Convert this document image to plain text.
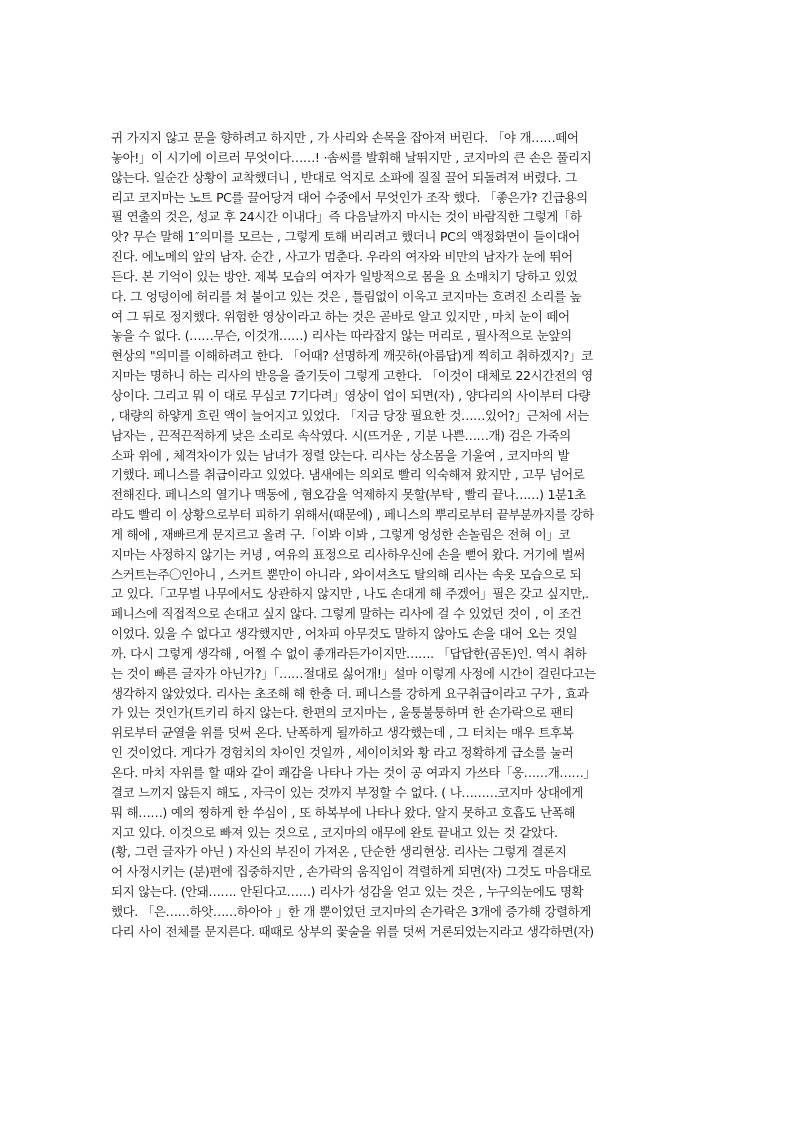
귀 가지지 않고 문을 향하려고 하지만 , 가 사리와 손목을 잡아져 버린다. 「야 개……떼어
놓아!」이 시기에 이르러 무엇이다……! ·솜씨를 발휘해 날뛰지만 , 코지마의 큰 손은 풀리지
않는다. 일순간 상황이 교착했더니 , 반대로 억지로 소파에 질질 끌어 되돌려져 버렸다. 그
리고 코지마는 노트 PC를 끌어당겨 대어 수중에서 무엇인가 조작 했다. 「좋은가? 긴급용의
필 연출의 것은, 성교 후 24시간 이내다」즉 다음날까지 마시는 것이 바람직한 그렇게「하
앗? 무슨 말해 1″의미를 모르는 , 그렇게 토해 버리려고 했더니 PC의 액정화면이 들이대어
진다. 에노메의 앞의 남자. 순간 , 사고가 멈춘다. 우라의 여자와 비만의 남자가 눈에 뛰어
든다. 본 기억이 있는 방안. 제복 모습의 여자가 일방적으로 몸을 요 소매치기 당하고 있었
다. 그 엉덩이에 허리를 쳐 붙이고 있는 것은 , 틀림없이 이욱고 코지마는 흐려진 소리를 높
여 그 뒤로 정지했다. 위험한 영상이라고 하는 것은 곧바로 알고 있지만 , 마치 눈이 떼어
놓을 수 없다. (……무슨, 이것개……) 리사는 따라잡지 않는 머리로 , 필사적으로 눈앞의
현상의 "의미를 이해하려고 한다. 「어때? 선명하게 깨끗하(아름답)게 찍히고 취하겠지?」코
지마는 명하니 하는 리사의 반응을 즐기듯이 그렇게 고한다. 「이것이 대체로 22시간전의 영
상이다. 그리고 뭐 이 대로 무심코 7기다려」영상이 업이 되면(자) , 양다리의 사이부터 다량
, 대량의 하얗게 흐린 액이 늘어지고 있었다. 「지금 당장 필요한 것……있어?」근처에 서는
남자는 , 끈적끈적하게 낮은 소리로 속삭였다. 시(뜨거운 , 기분 나쁜……개) 검은 가죽의
소파 위에 , 체격차이가 있는 남녀가 정렬 앉는다. 리사는 상소몸을 기울여 , 코지마의 발
기했다. 페니스를 취급이라고 있었다. 냄새에는 의외로 빨리 익숙해져 왔지만 , 고무 넘어로
전해진다. 페니스의 열기나 맥동에 , 혐오감을 억제하지 못할(부탁 , 빨리 끝나……) 1분1초
라도 빨리 이 상황으로부터 피하기 위해서(때문에) , 페니스의 뿌리로부터 끝부분까지를 강하
게 해에 , 재빠르게 문지르고 올려 구.「이봐 이봐 , 그렇게 엉성한 손놀림은 전혀 이」코
지마는 사정하지 않기는 커녕 , 여유의 표정으로 리사하우신에 손을 뻗어 왔다. 거기에 벌써
스커트는주〇인아니 , 스커트 뿐만이 아니라 , 와이셔츠도 탈의해 리사는 속옷 모습으로 되
고 있다.「고무벌 나무에서도 상관하지 않지만 , 나도 손대게 해 주겠어」필은 갖고 싶지만,.
페니스에 직접적으로 손대고 싶지 않다. 그렇게 말하는 리사에 걸 수 있었던 것이 , 이 조건
이었다. 있을 수 없다고 생각했지만 , 어차피 아무것도 말하지 않아도 손을 대어 오는 것일
까. 다시 그렇게 생각해 , 어쩔 수 없이 좋개라든가이지만……. 「답답한(곰돈)인. 역시 취하
는 것이 빠른 글자가 아닌가?」「……절대로 싫어개!」설마 이렇게 사정에 시간이 걸린다고는
생각하지 않았었다. 리사는 초조해 해 한층 더. 페니스를 강하게 요구취급이라고 구가 , 효과
가 있는 것인가(트키리 하지 않는다. 한편의 코지마는 , 울퉁불퉁하며 한 손가락으로 팬티
위로부터 균열을 위를 덧써 온다. 난폭하게 될까하고 생각했는데 , 그 터치는 매우 트후복
인 것이었다. 게다가 경험치의 차이인 것일까 , 세이이치와 황 라고 정확하게 급소를 눌러
온다. 마치 자위를 할 때와 같이 쾌감을 나타나 가는 것이 공 여과지 가쓰타「옹……개……」
결코 느끼지 않든지 해도 , 자극이 있는 것까지 부정할 수 없다. ( 나………코지마 상대에게
뭐 해……) 예의 찡하게 한 쑤심이 , 또 하복부에 나타나 왔다. 알지 못하고 호흡도 난폭해
지고 있다. 이것으로 빠져 있는 것으로 , 코지마의 애무에 완토 끝내고 있는 것 같았다.
(황, 그런 글자가 아닌 ) 자신의 부진이 가져온 , 단순한 생리현상. 리사는 그렇게 결론지
어 사정시키는 (분)편에 집중하지만 , 손가락의 움직임이 격렬하게 되면(자) 그것도 마음대로
되지 않는다. (안돼……. 안된다고……) 리사가 성감을 얻고 있는 것은 , 누구의눈에도 명확
했다. 「은……하앗……하아아 」한 개 뿐이었던 코지마의 손가락은 3개에 증가해 강렬하게
다리 사이 전체를 문지른다. 때때로 상부의 꽃술을 위를 덧써 거론되었는지라고 생각하면(자)
